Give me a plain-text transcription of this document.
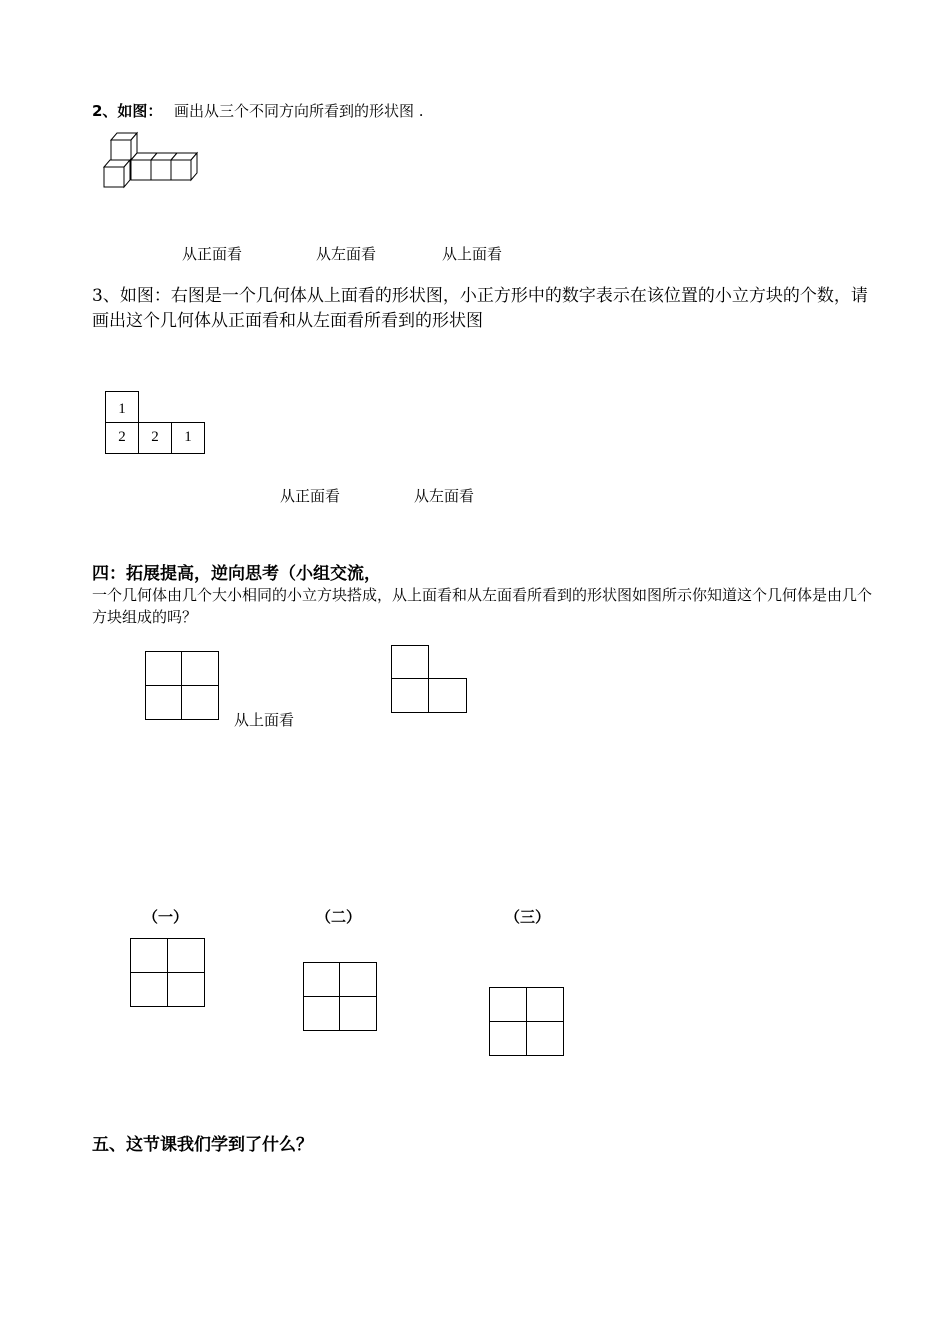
2、如图： 画出从三个不同方向所看到的形状图 .
从正面看	从左面看	从上面看
3、如图：右图是一个几何体从上面看的形状图，小正方形中的数字表示在该位置的小立方块的个数，请画出这个几何体从正面看和从左面看所看到的形状图
1
2	2	1
从正面看	从左面看
四：拓展提高，逆向思考（小组交流，
一个几何体由几个大小相同的小立方块搭成，从上面看和从左面看所看到的形状图如图所示你知道这个几何体是由几个方块组成的吗？
从上面看
（一）	（二）	（三）
五、这节课我们学到了什么？
